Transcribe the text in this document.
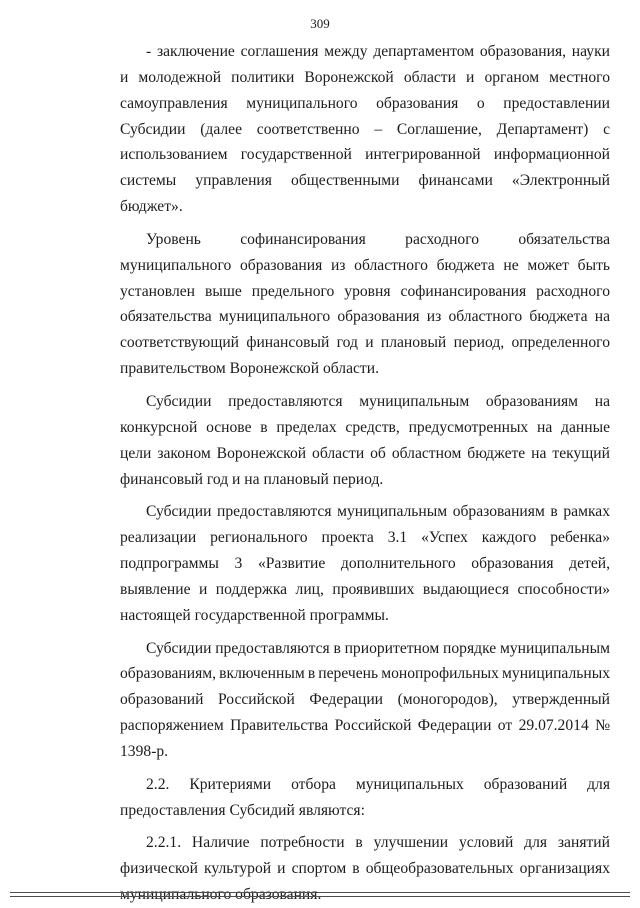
309

- заключение соглашения между департаментом образования, науки и молодежной политики Воронежской области и органом местного самоуправления муниципального образования о предоставлении Субсидии (далее соответственно – Соглашение, Департамент) с использованием государственной интегрированной информационной системы управления общественными финансами «Электронный бюджет».

Уровень софинансирования расходного обязательства муниципального образования из областного бюджета не может быть установлен выше предельного уровня софинансирования расходного обязательства муниципального образования из областного бюджета на соответствующий финансовый год и плановый период, определенного правительством Воронежской области.

Субсидии предоставляются муниципальным образованиям на конкурсной основе в пределах средств, предусмотренных на данные цели законом Воронежской области об областном бюджете на текущий финансовый год и на плановый период.

Субсидии предоставляются муниципальным образованиям в рамках реализации регионального проекта 3.1 «Успех каждого ребенка» подпрограммы 3 «Развитие дополнительного образования детей, выявление и поддержка лиц, проявивших выдающиеся способности» настоящей государственной программы.

Субсидии предоставляются в приоритетном порядке муниципальным образованиям, включенным в перечень монопрофильных муниципальных образований Российской Федерации (моногородов), утвержденный распоряжением Правительства Российской Федерации от 29.07.2014 № 1398-р.

2.2. Критериями отбора муниципальных образований для предоставления Субсидий являются:

2.2.1. Наличие потребности в улучшении условий для занятий физической культурой и спортом в общеобразовательных организациях муниципального образования.
